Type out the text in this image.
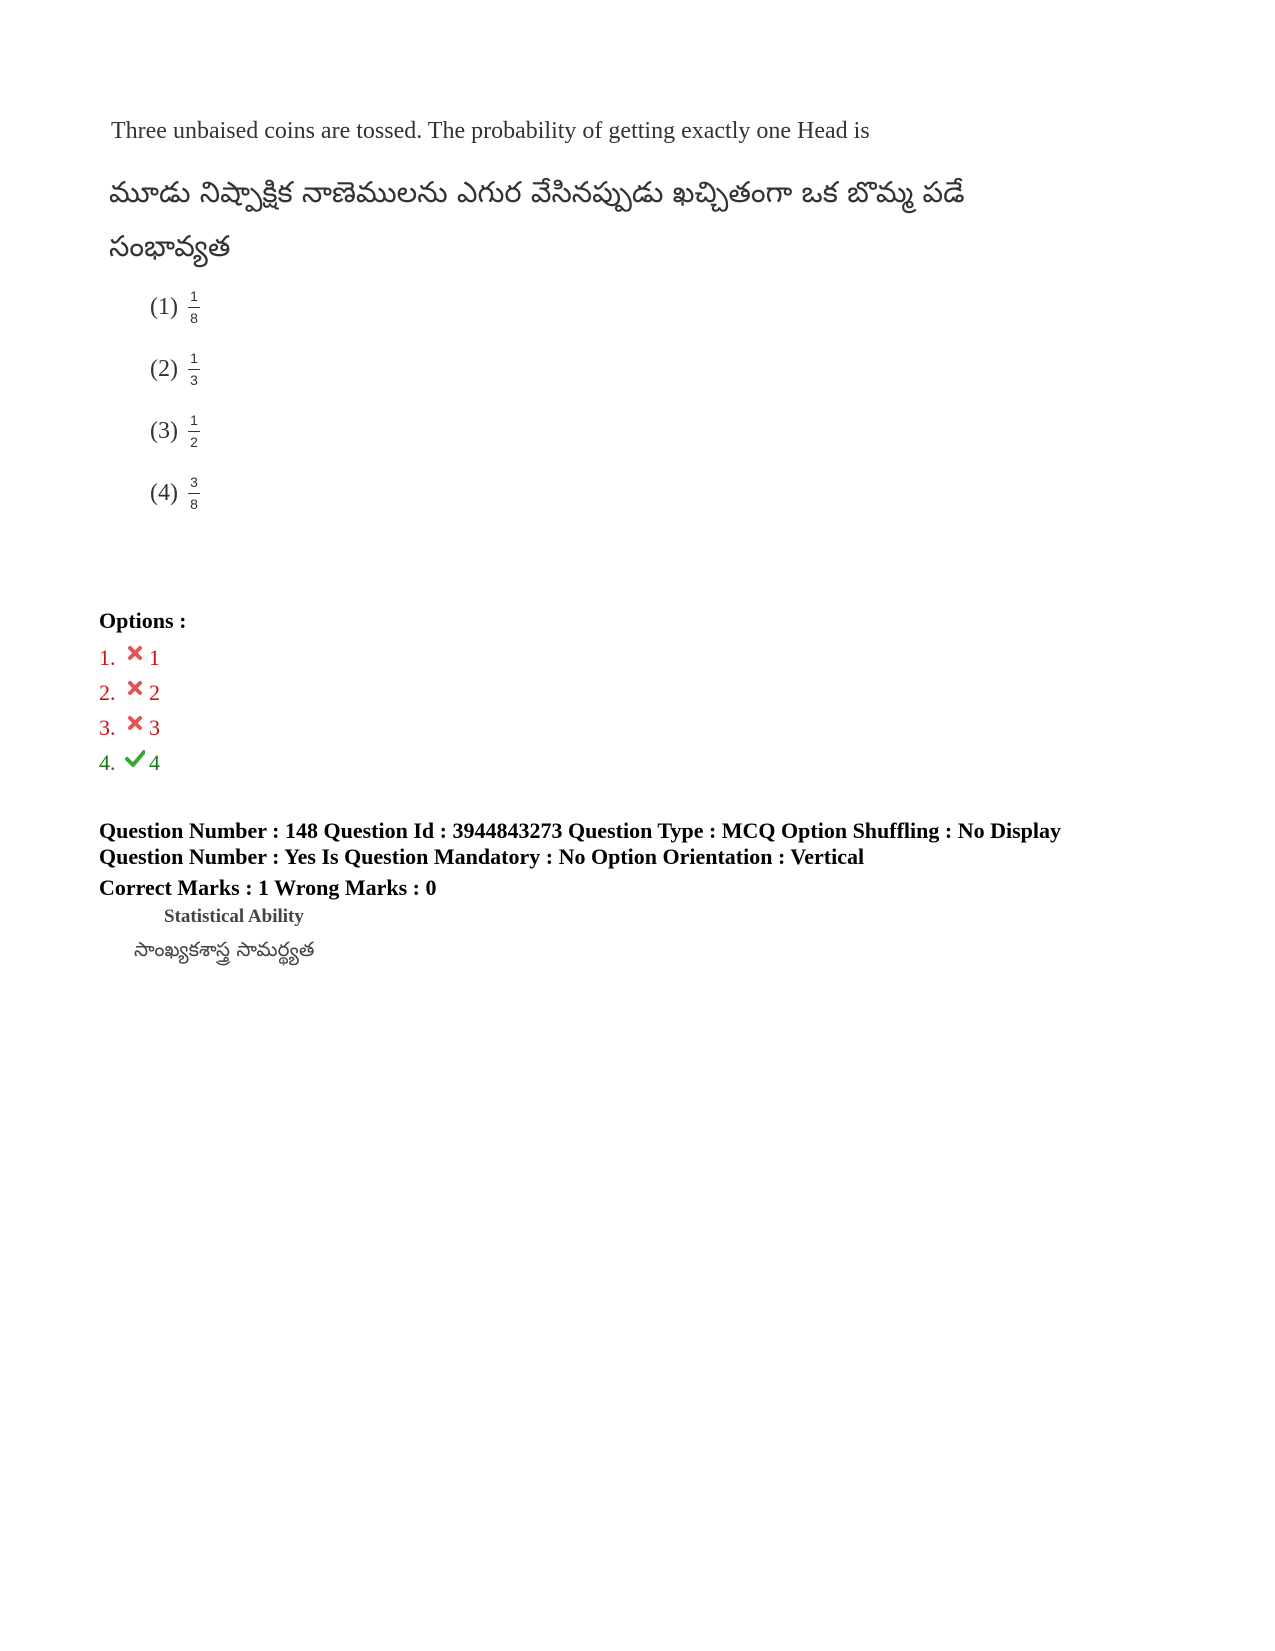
Three unbaised coins are tossed. The probability of getting exactly one Head is
మూడు నిష్పాక్షిక నాణెములను ఎగుర వేసినప్పుడు ఖచ్చితంగా ఒక బొమ్మ పడే సంభావ్యత
$(1) \frac{1}{8}$
$(2) \frac{1}{3}$
$(3) \frac{1}{2}$
$(4) \frac{3}{8}$
Options :
1.	1
2.	2
3.	3
4.	4
Question Number : 148 Question Id : 3944843273 Question Type : MCQ Option Shuffling : No Display
Question Number : Yes Is Question Mandatory : No Option Orientation : Vertical
Correct Marks : 1 Wrong Marks : 0
Statistical Ability
సాంఖ్యకశాస్త్ర సామర్థ్యత
